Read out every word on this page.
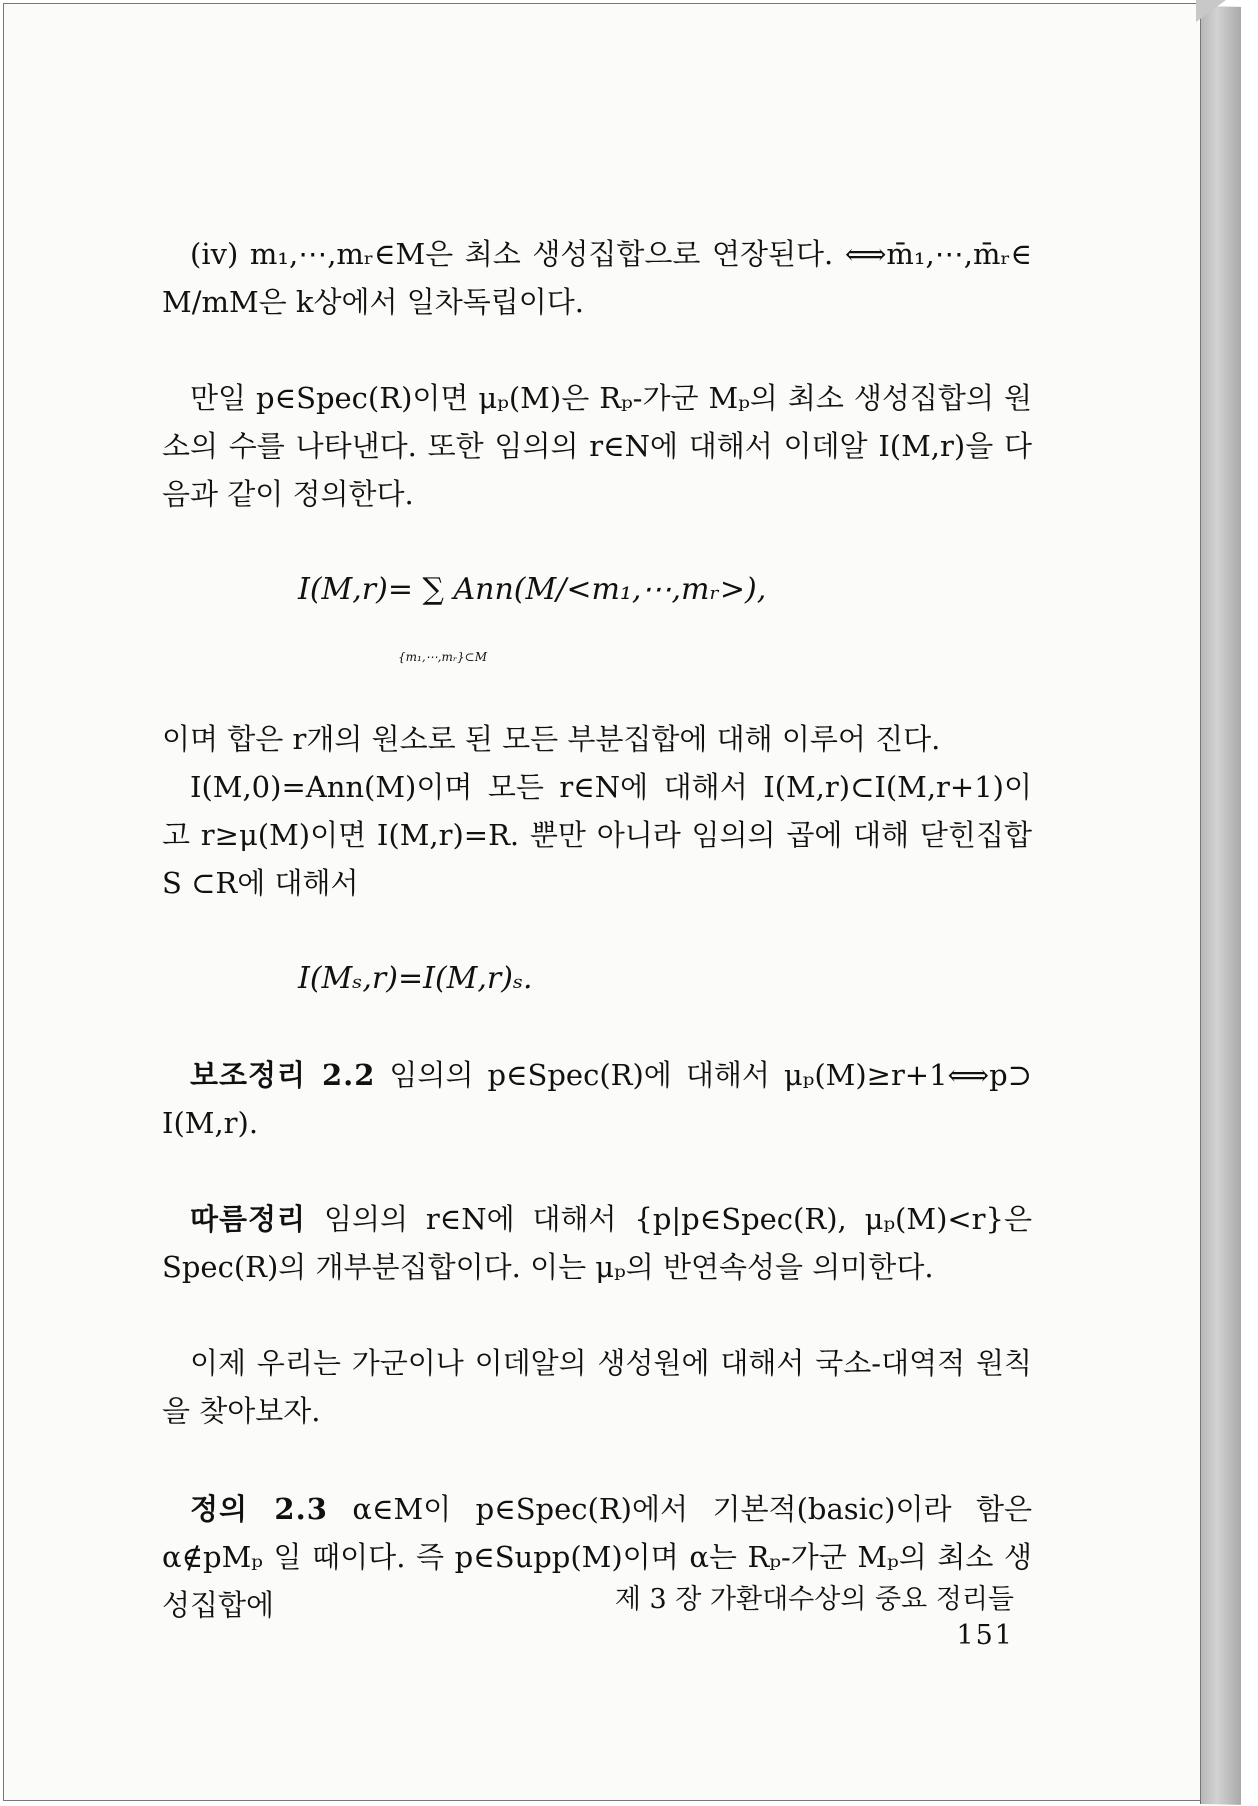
(iv) m₁,⋯,mᵣ∈M은 최소 생성집합으로 연장된다. ⟺m̄₁,⋯,m̄ᵣ∈ M/mM은 k상에서 일차독립이다.

만일 p∈Spec(R)이면 μₚ(M)은 Rₚ-가군 Mₚ의 최소 생성집합의 원소의 수를 나타낸다. 또한 임의의 r∈N에 대해서 이데알 I(M,r)을 다음과 같이 정의한다.

I(M,r)= ∑ Ann(M/<m₁,⋯,mᵣ>),
$_{\{m_1,\cdots,mᵣ\}\subset M}$

이며 합은 r개의 원소로 된 모든 부분집합에 대해 이루어 진다.

I(M,0)=Ann(M)이며 모든 r∈N에 대해서 I(M,r)⊂I(M,r+1)이고 r≥μ(M)이면 I(M,r)=R. 뿐만 아니라 임의의 곱에 대해 닫힌집합 S ⊂R에 대해서

I(Mₛ,r)=I(M,r)ₛ.

보조정리 2.2 임의의 p∈Spec(R)에 대해서 μₚ(M)≥r+1⟺p⊃ I(M,r).

따름정리 임의의 r∈N에 대해서 {p|p∈Spec(R), μₚ(M)<r}은 Spec(R)의 개부분집합이다. 이는 μₚ의 반연속성을 의미한다.

이제 우리는 가군이나 이데알의 생성원에 대해서 국소-대역적 원칙을 찾아보자.

정의 2.3 α∈M이 p∈Spec(R)에서 기본적(basic)이라 함은 α∉pMₚ 일 때이다. 즉 p∈Supp(M)이며 α는 Rₚ-가군 Mₚ의 최소 생성집합에	제 3 장 가환대수상의 중요 정리들151
